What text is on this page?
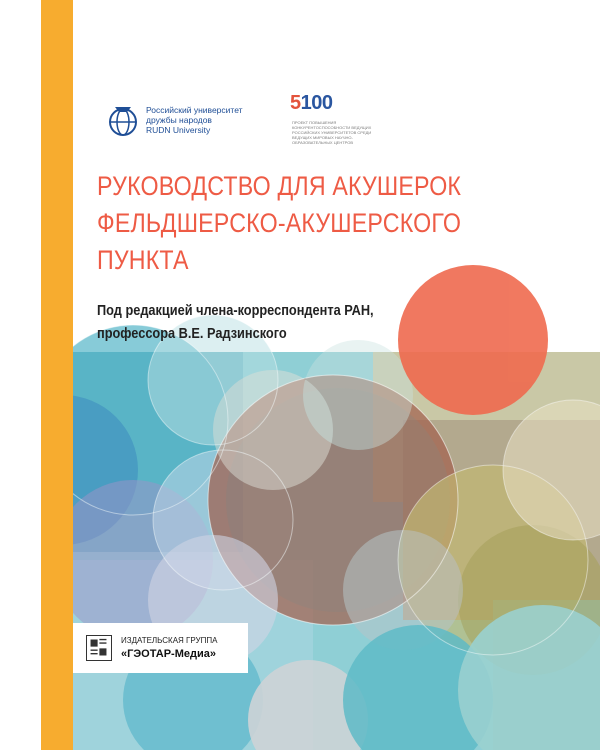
Российский университет
дружбы народов
RUDN University
5100
ПРОЕКТ ПОВЫШЕНИЯ КОНКУРЕНТОСПОСОБНОСТИ ВЕДУЩИХ РОССИЙСКИХ УНИВЕРСИТЕТОВ СРЕДИ ВЕДУЩИХ МИРОВЫХ НАУЧНО-ОБРАЗОВАТЕЛЬНЫХ ЦЕНТРОВ
РУКОВОДСТВО ДЛЯ АКУШЕРОК
ФЕЛЬДШЕРСКО-АКУШЕРСКОГО
ПУНКТА
Под редакцией члена-корреспондента РАН,
профессора В.Е. Радзинского
ИЗДАТЕЛЬСКАЯ ГРУППА
«ГЭОТАР-Медиа»
